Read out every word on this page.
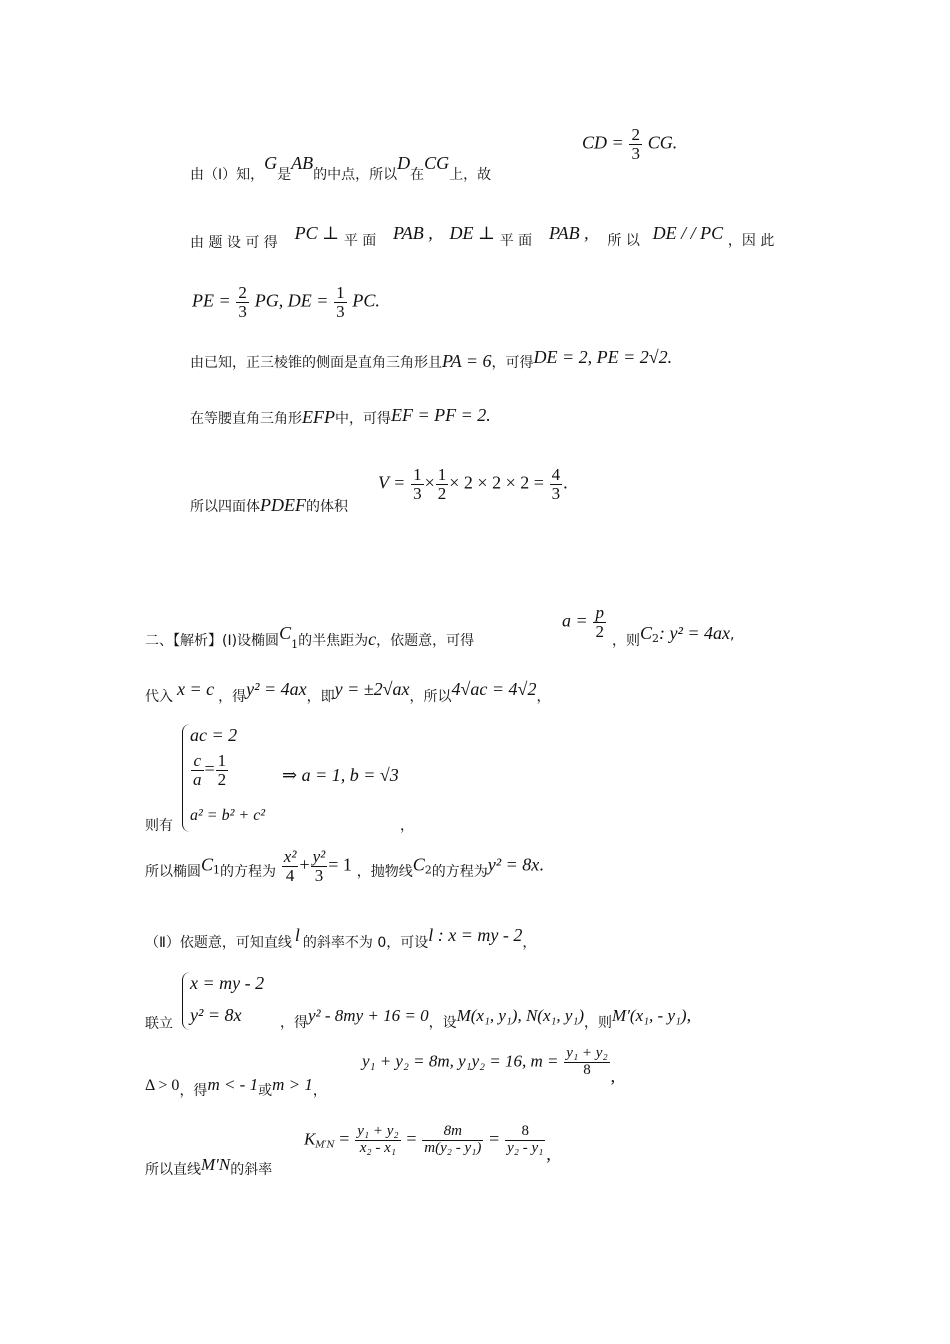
由（Ⅰ）知，G是AB的中点，所以D在CG上，故
CD = $\frac{2}{3}$ CG.
由 题 设 可 得 PC ⊥ 平 面 PAB , DE ⊥ 平 面 PAB , 所 以 DE / / PC ，因 此
PE = $\frac{2}{3}$ PG, DE = $\frac{1}{3}$ PC.
由已知，正三棱锥的侧面是直角三角形且PA = 6，可得DE = 2, PE = 2√2.
在等腰直角三角形EFP中，可得EF = PF = 2.
所以四面体PDEF的体积
$V = \frac{1}{3} \times \frac{1}{2} \times 2 \times 2 \times 2 = \frac{4}{3}$ .
二、【解析】(Ⅰ)设椭圆$C_1$的半焦距为c，依题意，可得
$a = \frac{p}{2}$
，则$C_2$: y² = 4ax,
代入 x = c ，得y² = 4ax，即y = ±2√ax，所以4√ac = 4√2，
则有
ac = 2
$\frac{c}{a} = \frac{1}{2}$
a² = b² + c²
⇒ a = 1, b = √3
，
所以椭圆$C_1$的方程为 $\frac{\text{x²}}{4} + \frac{\text{y²}}{3} = 1$ ，抛物线$C_2$的方程为y² = 8x.
（Ⅱ）依题意，可知直线 l 的斜率不为 0，可设l : x = my - 2，
联立
x = my - 2
y² = 8x	，得y² - 8my + 16 = 0，设M(x₁, y₁), N(x₁, y₁)，则M′(x₁, - y₁),
Δ > 0，得m < - 1或m > 1，
y₁ + y₂ = 8m, y₁y₂ = 16, $m = \frac{\text{y₁ + y₂}}{8}$ ,
所以直线M′N的斜率
$K_{M'N} = \frac{\text{y₁ + y₂}}{\text{x₂ - x₁}} = \frac{8m}{\text{m(y₂ - y₁)}} = \frac{8}{\text{y₂ - y₁}}$ ,
